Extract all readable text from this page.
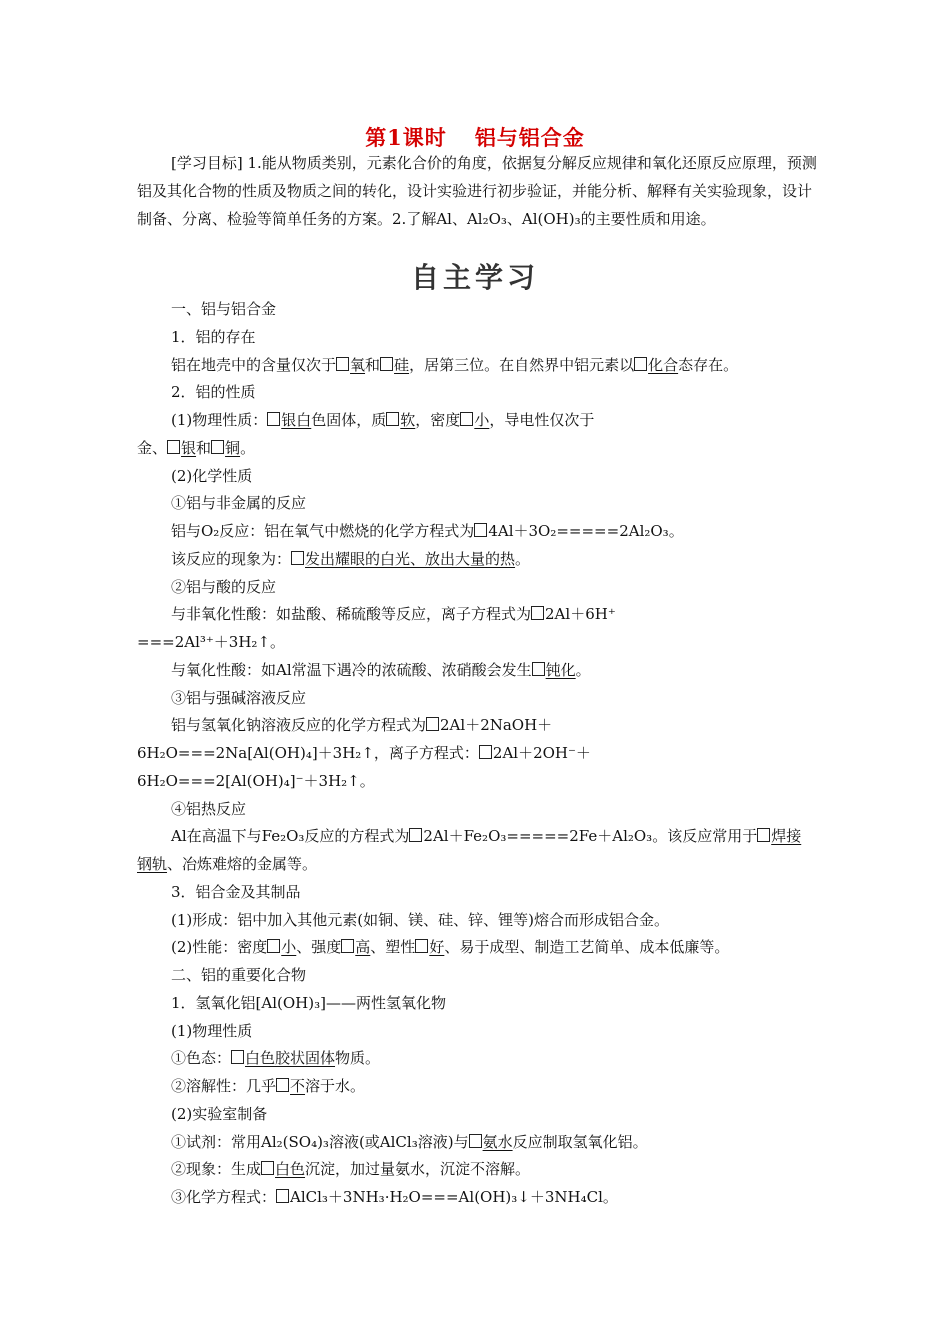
第1课时 铝与铝合金
[学习目标] 1.能从物质类别，元素化合价的角度，依据复分解反应规律和氧化还原反应原理，预测铝及其化合物的性质及物质之间的转化，设计实验进行初步验证，并能分析、解释有关实验现象，设计制备、分离、检验等简单任务的方案。2.了解Al、Al₂O₃、Al(OH)₃的主要性质和用途。
自主学习
一、铝与铝合金
1．铝的存在
铝在地壳中的含量仅次于 氧和 硅，居第三位。在自然界中铝元素以 化合态存在。
2．铝的性质
(1)物理性质： 银白色固体，质 软，密度 小，导电性仅次于
金、 银和 铜。
(2)化学性质
①铝与非金属的反应
铝与O₂反应：铝在氧气中燃烧的化学方程式为 4Al＋3O₂=====2Al₂O₃。
该反应的现象为： 发出耀眼的白光、放出大量的热。
②铝与酸的反应
与非氧化性酸：如盐酸、稀硫酸等反应，离子方程式为 2Al＋6H⁺
===2Al³⁺＋3H₂↑。
与氧化性酸：如Al常温下遇冷的浓硫酸、浓硝酸会发生 钝化。
③铝与强碱溶液反应
铝与氢氧化钠溶液反应的化学方程式为 2Al＋2NaOH＋
6H₂O===2Na[Al(OH)₄]＋3H₂↑，离子方程式： 2Al＋2OH⁻＋
6H₂O===2[Al(OH)₄]⁻＋3H₂↑。
④铝热反应
Al在高温下与Fe₂O₃反应的方程式为 2Al＋Fe₂O₃=====2Fe＋Al₂O₃。该反应常用于 焊接
钢轨、冶炼难熔的金属等。
3．铝合金及其制品
(1)形成：铝中加入其他元素(如铜、镁、硅、锌、锂等)熔合而形成铝合金。
(2)性能：密度 小、强度 高、塑性 好、易于成型、制造工艺简单、成本低廉等。
二、铝的重要化合物
1．氢氧化铝[Al(OH)₃]——两性氢氧化物
(1)物理性质
①色态： 白色胶状固体物质。
②溶解性：几乎 不溶于水。
(2)实验室制备
①试剂：常用Al₂(SO₄)₃溶液(或AlCl₃溶液)与 氨水反应制取氢氧化铝。
②现象：生成 白色沉淀，加过量氨水，沉淀不溶解。
③化学方程式： AlCl₃＋3NH₃·H₂O===Al(OH)₃↓＋3NH₄Cl。
